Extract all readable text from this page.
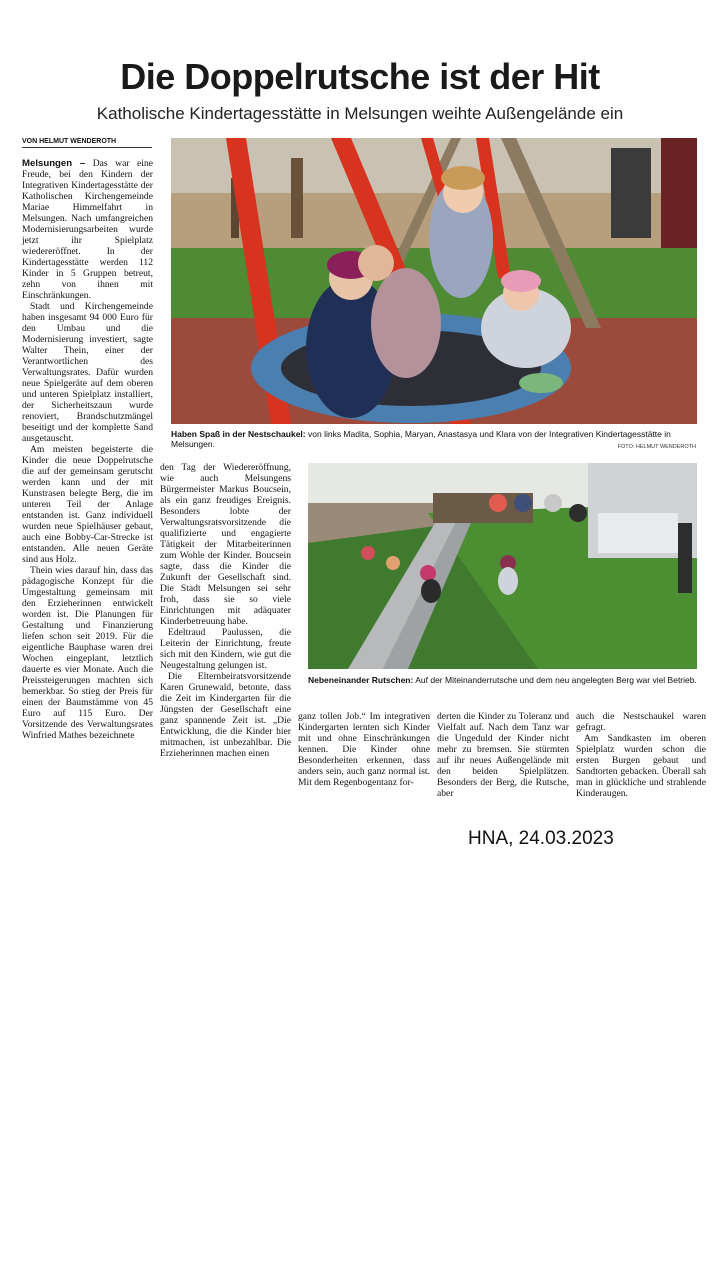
Die Doppelrutsche ist der Hit
Katholische Kindertagesstätte in Melsungen weihte Außengelände ein
VON HELMUT WENDEROTH

Melsungen – Das war eine Freude, bei den Kindern der Integrativen Kindertagesstätte der Katholischen Kirchengemeinde Mariae Himmelfahrt in Melsungen. Nach umfangreichen Modernisierungsarbeiten wurde jetzt ihr Spielplatz wiedereröffnet. In der Kindertagesstätte werden 112 Kinder in 5 Gruppen betreut, zehn von ihnen mit Einschränkungen.

Stadt und Kirchengemeinde haben insgesamt 94 000 Euro für den Umbau und die Modernisierung investiert, sagte Walter Thein, einer der Verantwortlichen des Verwaltungsrates. Dafür wurden neue Spielgeräte auf dem oberen und unteren Spielplatz installiert, der Sicherheitszaun wurde renoviert, Brandschutzmängel beseitigt und der komplette Sand ausgetauscht.

Am meisten begeisterte die Kinder die neue Doppelrutsche die auf der gemeinsam gerutscht werden kann und der mit Kunstrasen belegte Berg, die im unteren Teil der Anlage entstanden ist. Ganz individuell wurden neue Spielhäuser gebaut, auch eine Bobby-Car-Strecke ist entstanden. Alle neuen Geräte sind aus Holz.

Thein wies darauf hin, dass das pädagogische Konzept für die Umgestaltung gemeinsam mit den Erzieherinnen entwickelt worden ist. Die Planungen für Gestaltung und Finanzierung liefen schon seit 2019. Für die eigentliche Bauphase waren drei Wochen eingeplant, letztlich dauerte es vier Monate. Auch die Preissteigerungen machten sich bemerkbar. So stieg der Preis für einen der Baumstämme von 45 Euro auf 115 Euro. Der Vorsitzende des Verwaltungsrates Winfried Mathes bezeichnete

Haben Spaß in der Nestschaukel: von links Madita, Sophia, Maryan, Anastasya und Klara von der Integrativen Kindertagesstätte in Melsungen.	FOTO: HELMUT WENDEROTH

den Tag der Wiedereröffnung, wie auch Melsungens Bürgermeister Markus Boucsein, als ein ganz freudiges Ereignis. Besonders lobte der Verwaltungsratsvorsitzende die qualifizierte und engagierte Tätigkeit der Mitarbeiterinnen zum Wohle der Kinder. Boucsein sagte, dass die Kinder die Zukunft der Gesellschaft sind. Die Stadt Melsungen sei sehr froh, dass sie so viele Einrichtungen mit adäquater Kinderbetreuung habe.

Edeltraud Paulussen, die Leiterin der Einrichtung, freute sich mit den Kindern, wie gut die Neugestaltung gelungen ist.

Die Elternbeiratsvorsitzende Karen Grunewald, betonte, dass die Zeit im Kindergarten für die Jüngsten der Gesellschaft eine ganz spannende Zeit ist. „Die Entwicklung, die die Kinder hier mitmachen, ist unbezahlbar. Die Erzieherinnen machen einen

Nebeneinander Rutschen: Auf der Miteinanderrutsche und dem neu angelegten Berg war viel Betrieb.

ganz tollen Job.“ Im integrativen Kindergarten lernten sich Kinder mit und ohne Einschränkungen kennen. Die Kinder ohne Besonderheiten erkennen, dass anders sein, auch ganz normal ist. Mit dem Regenbogentanz for-

derten die Kinder zu Toleranz und Vielfalt auf. Nach dem Tanz war die Ungeduld der Kinder nicht mehr zu bremsen. Sie stürmten auf ihr neues Außengelände mit den beiden Spielplätzen. Besonders der Berg, die Rutsche, aber

auch die Nestschaukel waren gefragt.

Am Sandkasten im oberen Spielplatz wurden schon die ersten Burgen gebaut und Sandtorten gebacken. Überall sah man in glückliche und strahlende Kinderaugen.

HNA, 24.03.2023
